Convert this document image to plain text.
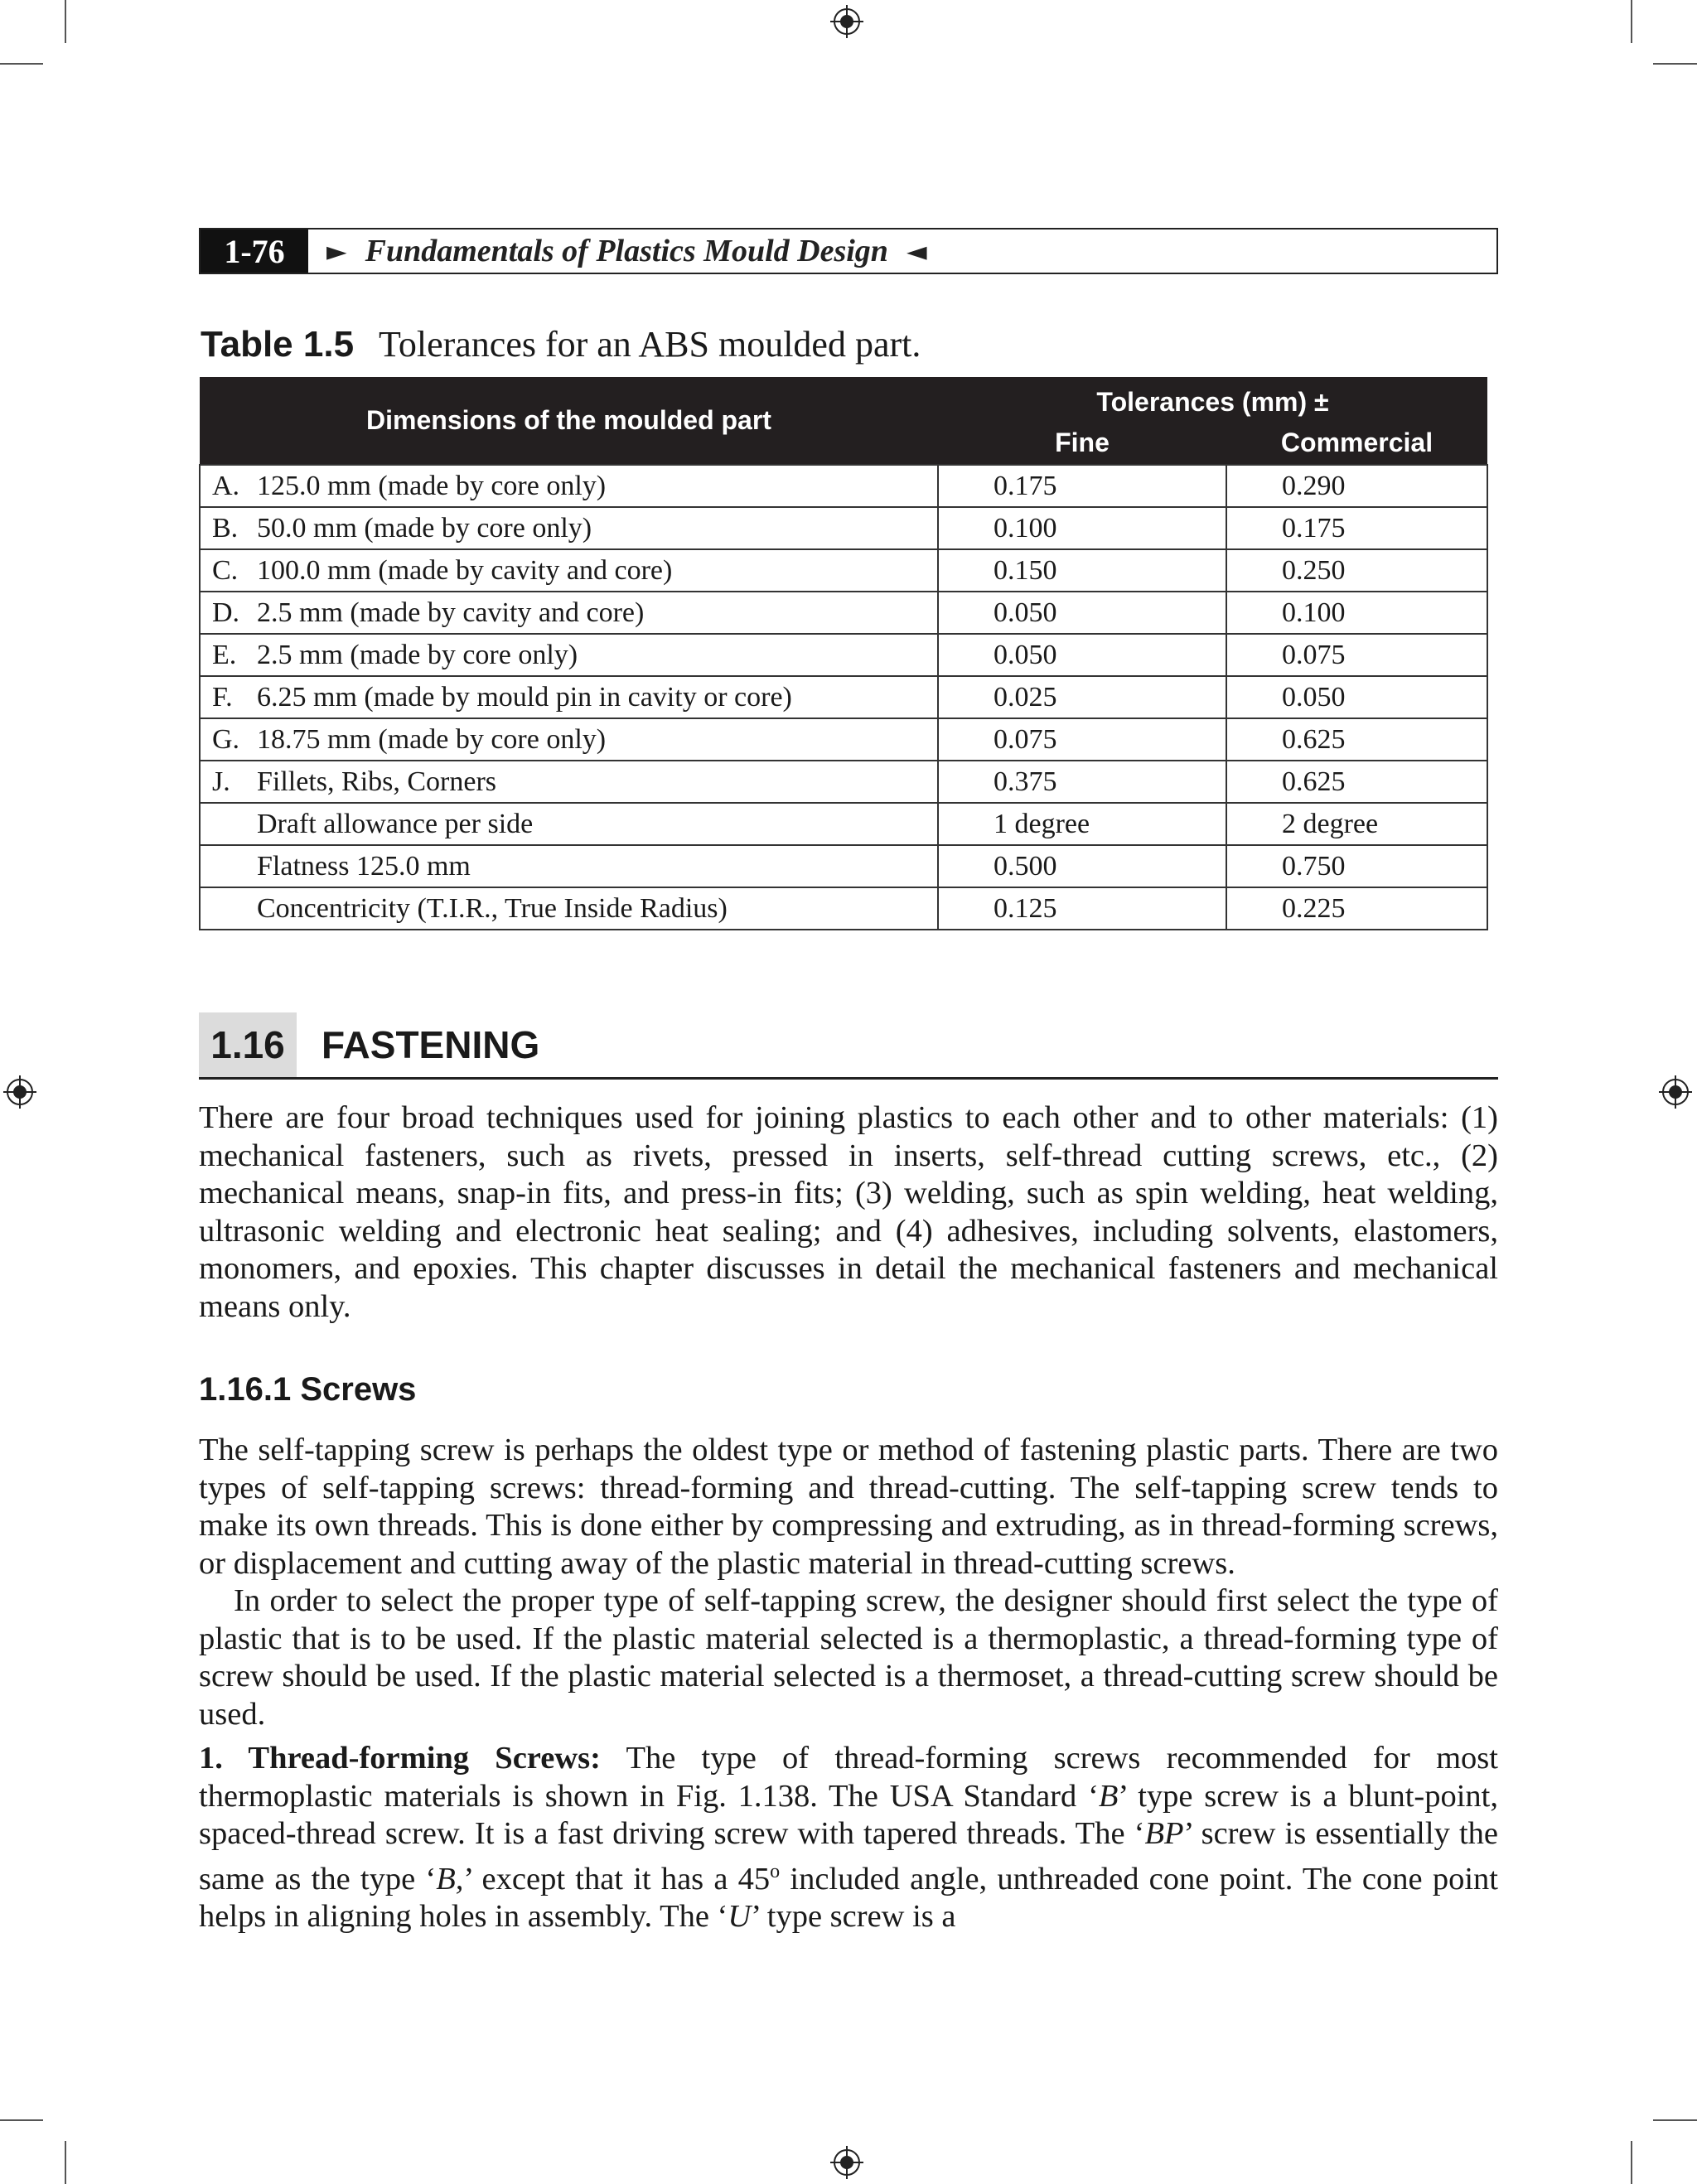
1-76	► Fundamentals of Plastics Mould Design ◄
Table 1.5 Tolerances for an ABS moulded part.
Dimensions of the moulded part	Tolerances (mm) ±	
	Fine	Commercial
A. 125.0 mm (made by core only)	0.175	0.290
B. 50.0 mm (made by core only)	0.100	0.175
C. 100.0 mm (made by cavity and core)	0.150	0.250
D. 2.5 mm (made by cavity and core)	0.050	0.100
E. 2.5 mm (made by core only)	0.050	0.075
F. 6.25 mm (made by mould pin in cavity or core)	0.025	0.050
G. 18.75 mm (made by core only)	0.075	0.625
J. Fillets, Ribs, Corners	0.375	0.625
Draft allowance per side	1 degree	2 degree
Flatness 125.0 mm	0.500	0.750
Concentricity (T.I.R., True Inside Radius)	0.125	0.225
1.16 FASTENING

There are four broad techniques used for joining plastics to each other and to other materials: (1) mechanical fasteners, such as rivets, pressed in inserts, self-thread cutting screws, etc., (2) mechanical means, snap-in fits, and press-in fits; (3) welding, such as spin welding, heat welding, ultrasonic welding and electronic heat sealing; and (4) adhesives, including solvents, elastomers, monomers, and epoxies. This chapter discusses in detail the mechanical fasteners and mechanical means only.

1.16.1 Screws

The self-tapping screw is perhaps the oldest type or method of fastening plastic parts. There are two types of self-tapping screws: thread-forming and thread-cutting. The self-tapping screw tends to make its own threads. This is done either by compressing and extruding, as in thread-forming screws, or displacement and cutting away of the plastic material in thread-cutting screws.

In order to select the proper type of self-tapping screw, the designer should first select the type of plastic that is to be used. If the plastic material selected is a thermoplastic, a thread-forming type of screw should be used. If the plastic material selected is a thermoset, a thread-cutting screw should be used.

1. Thread-forming Screws: The type of thread-forming screws recommended for most thermoplastic materials is shown in Fig. 1.138. The USA Standard ‘B’ type screw is a blunt-point, spaced-thread screw. It is a fast driving screw with tapered threads. The ‘BP’ screw is essentially the same as the type ‘B,’ except that it has a 45$^o$ included angle, unthreaded cone point. The cone point helps in aligning holes in assembly. The ‘U’ type screw is a
